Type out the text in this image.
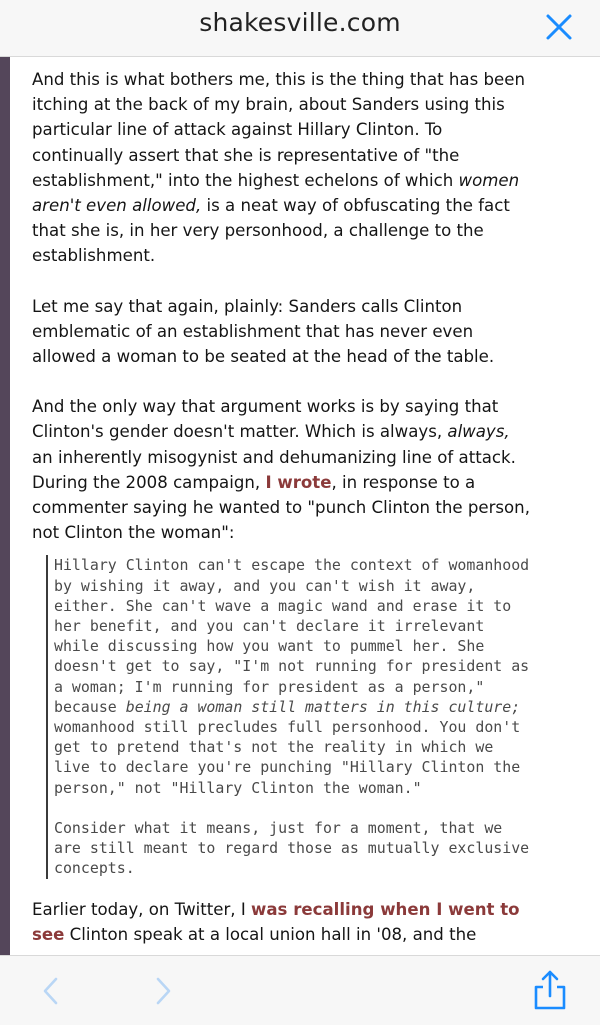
shakesville.com

And this is what bothers me, this is the thing that has been itching at the back of my brain, about Sanders using this particular line of attack against Hillary Clinton. To continually assert that she is representative of "the establishment," into the highest echelons of which women aren't even allowed, is a neat way of obfuscating the fact that she is, in her very personhood, a challenge to the establishment.

Let me say that again, plainly: Sanders calls Clinton emblematic of an establishment that has never even allowed a woman to be seated at the head of the table.

And the only way that argument works is by saying that Clinton's gender doesn't matter. Which is always, always, an inherently misogynist and dehumanizing line of attack. During the 2008 campaign, I wrote, in response to a commenter saying he wanted to "punch Clinton the person, not Clinton the woman":

Hillary Clinton can't escape the context of womanhood by wishing it away, and you can't wish it away, either. She can't wave a magic wand and erase it to her benefit, and you can't declare it irrelevant while discussing how you want to pummel her. She doesn't get to say, "I'm not running for president as a woman; I'm running for president as a person," because being a woman still matters in this culture; womanhood still precludes full personhood. You don't get to pretend that's not the reality in which we live to declare you're punching "Hillary Clinton the person," not "Hillary Clinton the woman."

Consider what it means, just for a moment, that we are still meant to regard those as mutually exclusive concepts.

Earlier today, on Twitter, I was recalling when I went to see Clinton speak at a local union hall in '08, and the
